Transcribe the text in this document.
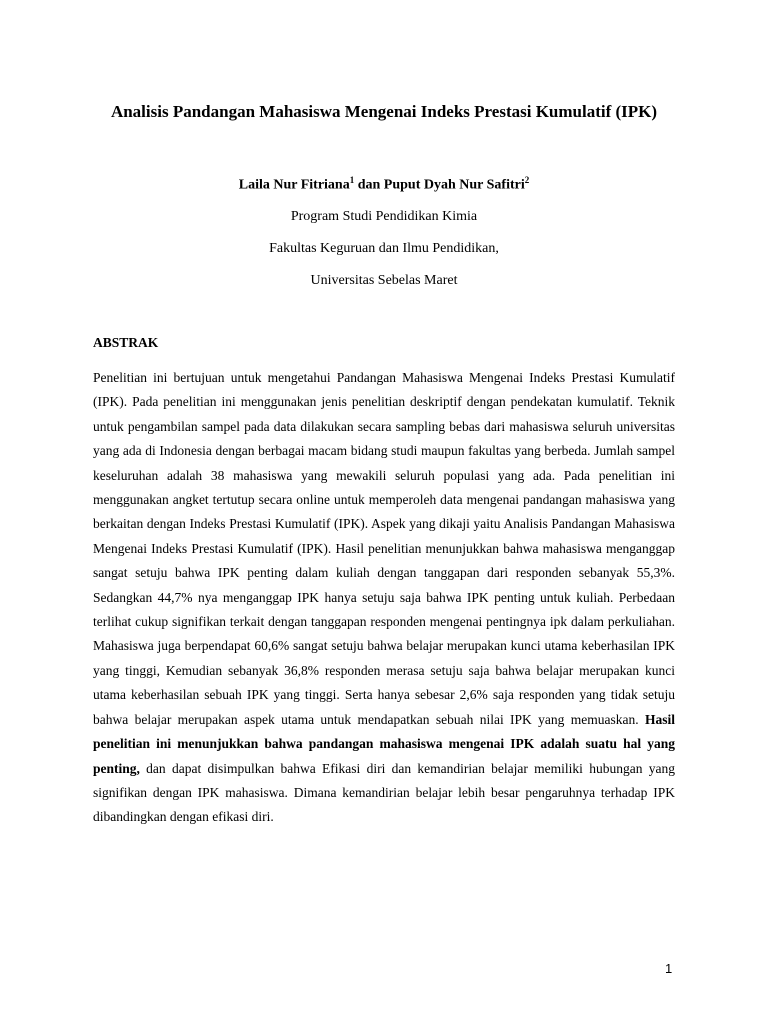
Analisis Pandangan Mahasiswa Mengenai Indeks Prestasi Kumulatif (IPK)
Laila Nur Fitriana$^1$ dan Puput Dyah Nur Safitri$^2$
Program Studi Pendidikan Kimia
Fakultas Keguruan dan Ilmu Pendidikan,
Universitas Sebelas Maret
ABSTRAK
Penelitian ini bertujuan untuk mengetahui Pandangan Mahasiswa Mengenai Indeks Prestasi Kumulatif (IPK). Pada penelitian ini menggunakan jenis penelitian deskriptif dengan pendekatan kumulatif. Teknik untuk pengambilan sampel pada data dilakukan secara sampling bebas dari mahasiswa seluruh universitas yang ada di Indonesia dengan berbagai macam bidang studi maupun fakultas yang berbeda. Jumlah sampel keseluruhan adalah 38 mahasiswa yang mewakili seluruh populasi yang ada. Pada penelitian ini menggunakan angket tertutup secara online untuk memperoleh data mengenai pandangan mahasiswa yang berkaitan dengan Indeks Prestasi Kumulatif (IPK). Aspek yang dikaji yaitu Analisis Pandangan Mahasiswa Mengenai Indeks Prestasi Kumulatif (IPK). Hasil penelitian menunjukkan bahwa mahasiswa menganggap sangat setuju bahwa IPK penting dalam kuliah dengan tanggapan dari responden sebanyak 55,3%. Sedangkan 44,7% nya menganggap IPK hanya setuju saja bahwa IPK penting untuk kuliah. Perbedaan terlihat cukup signifikan terkait dengan tanggapan responden mengenai pentingnya ipk dalam perkuliahan. Mahasiswa juga berpendapat 60,6% sangat setuju bahwa belajar merupakan kunci utama keberhasilan IPK yang tinggi, Kemudian sebanyak 36,8% responden merasa setuju saja bahwa belajar merupakan kunci utama keberhasilan sebuah IPK yang tinggi. Serta hanya sebesar 2,6% saja responden yang tidak setuju bahwa belajar merupakan aspek utama untuk mendapatkan sebuah nilai IPK yang memuaskan. Hasil penelitian ini menunjukkan bahwa pandangan mahasiswa mengenai IPK adalah suatu hal yang penting, dan dapat disimpulkan bahwa Efikasi diri dan kemandirian belajar memiliki hubungan yang signifikan dengan IPK mahasiswa. Dimana kemandirian belajar lebih besar pengaruhnya terhadap IPK dibandingkan dengan efikasi diri.
1
